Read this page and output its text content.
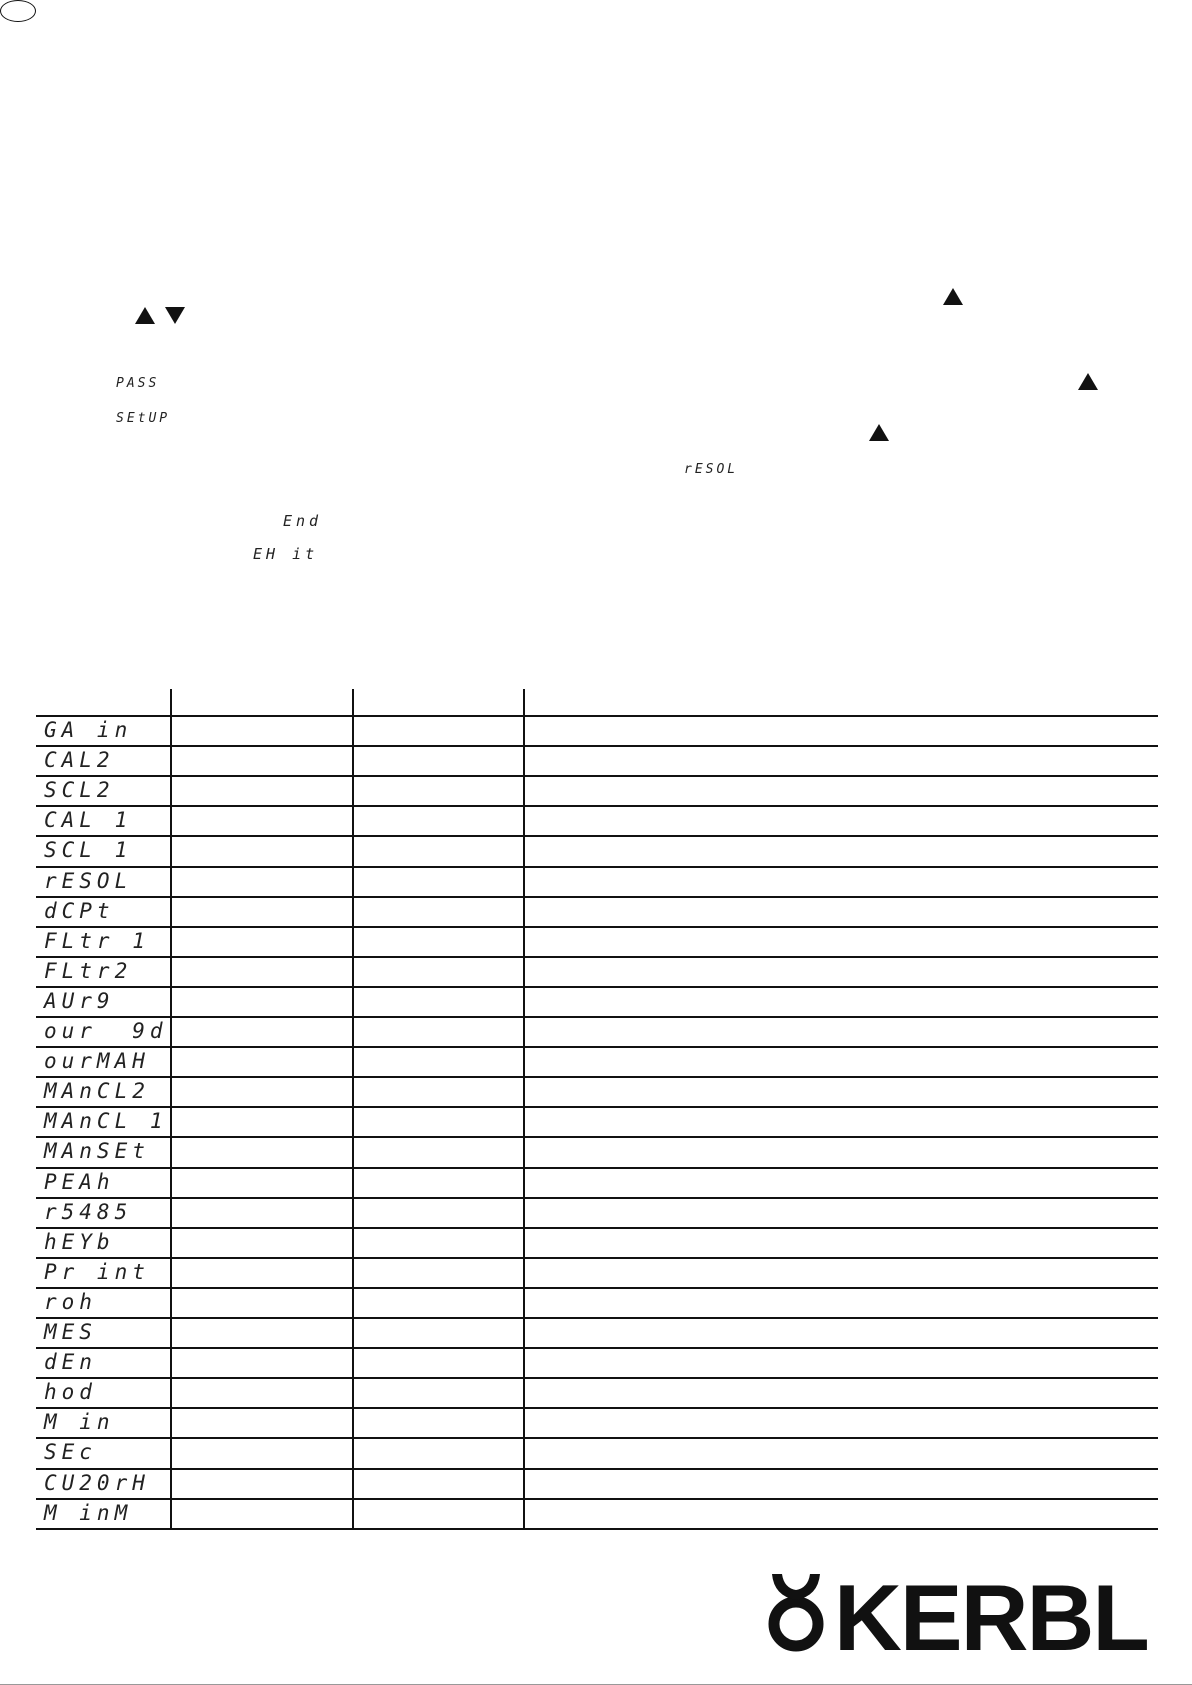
PASS
SEtUP
rESOL
End
EH it
GA in
CAL2
SCL2
CAL 1
SCL 1
rESOL
dCPt
FLtr 1
FLtr2
AUr9
our  9d
ourMAH
MAnCL2
MAnCL 1
MAnSEt
PEAh
r5485
hEYb
Pr int
roh
MES
dEn
hod
M in
SEc
CU20rH
M inM
KERBL
